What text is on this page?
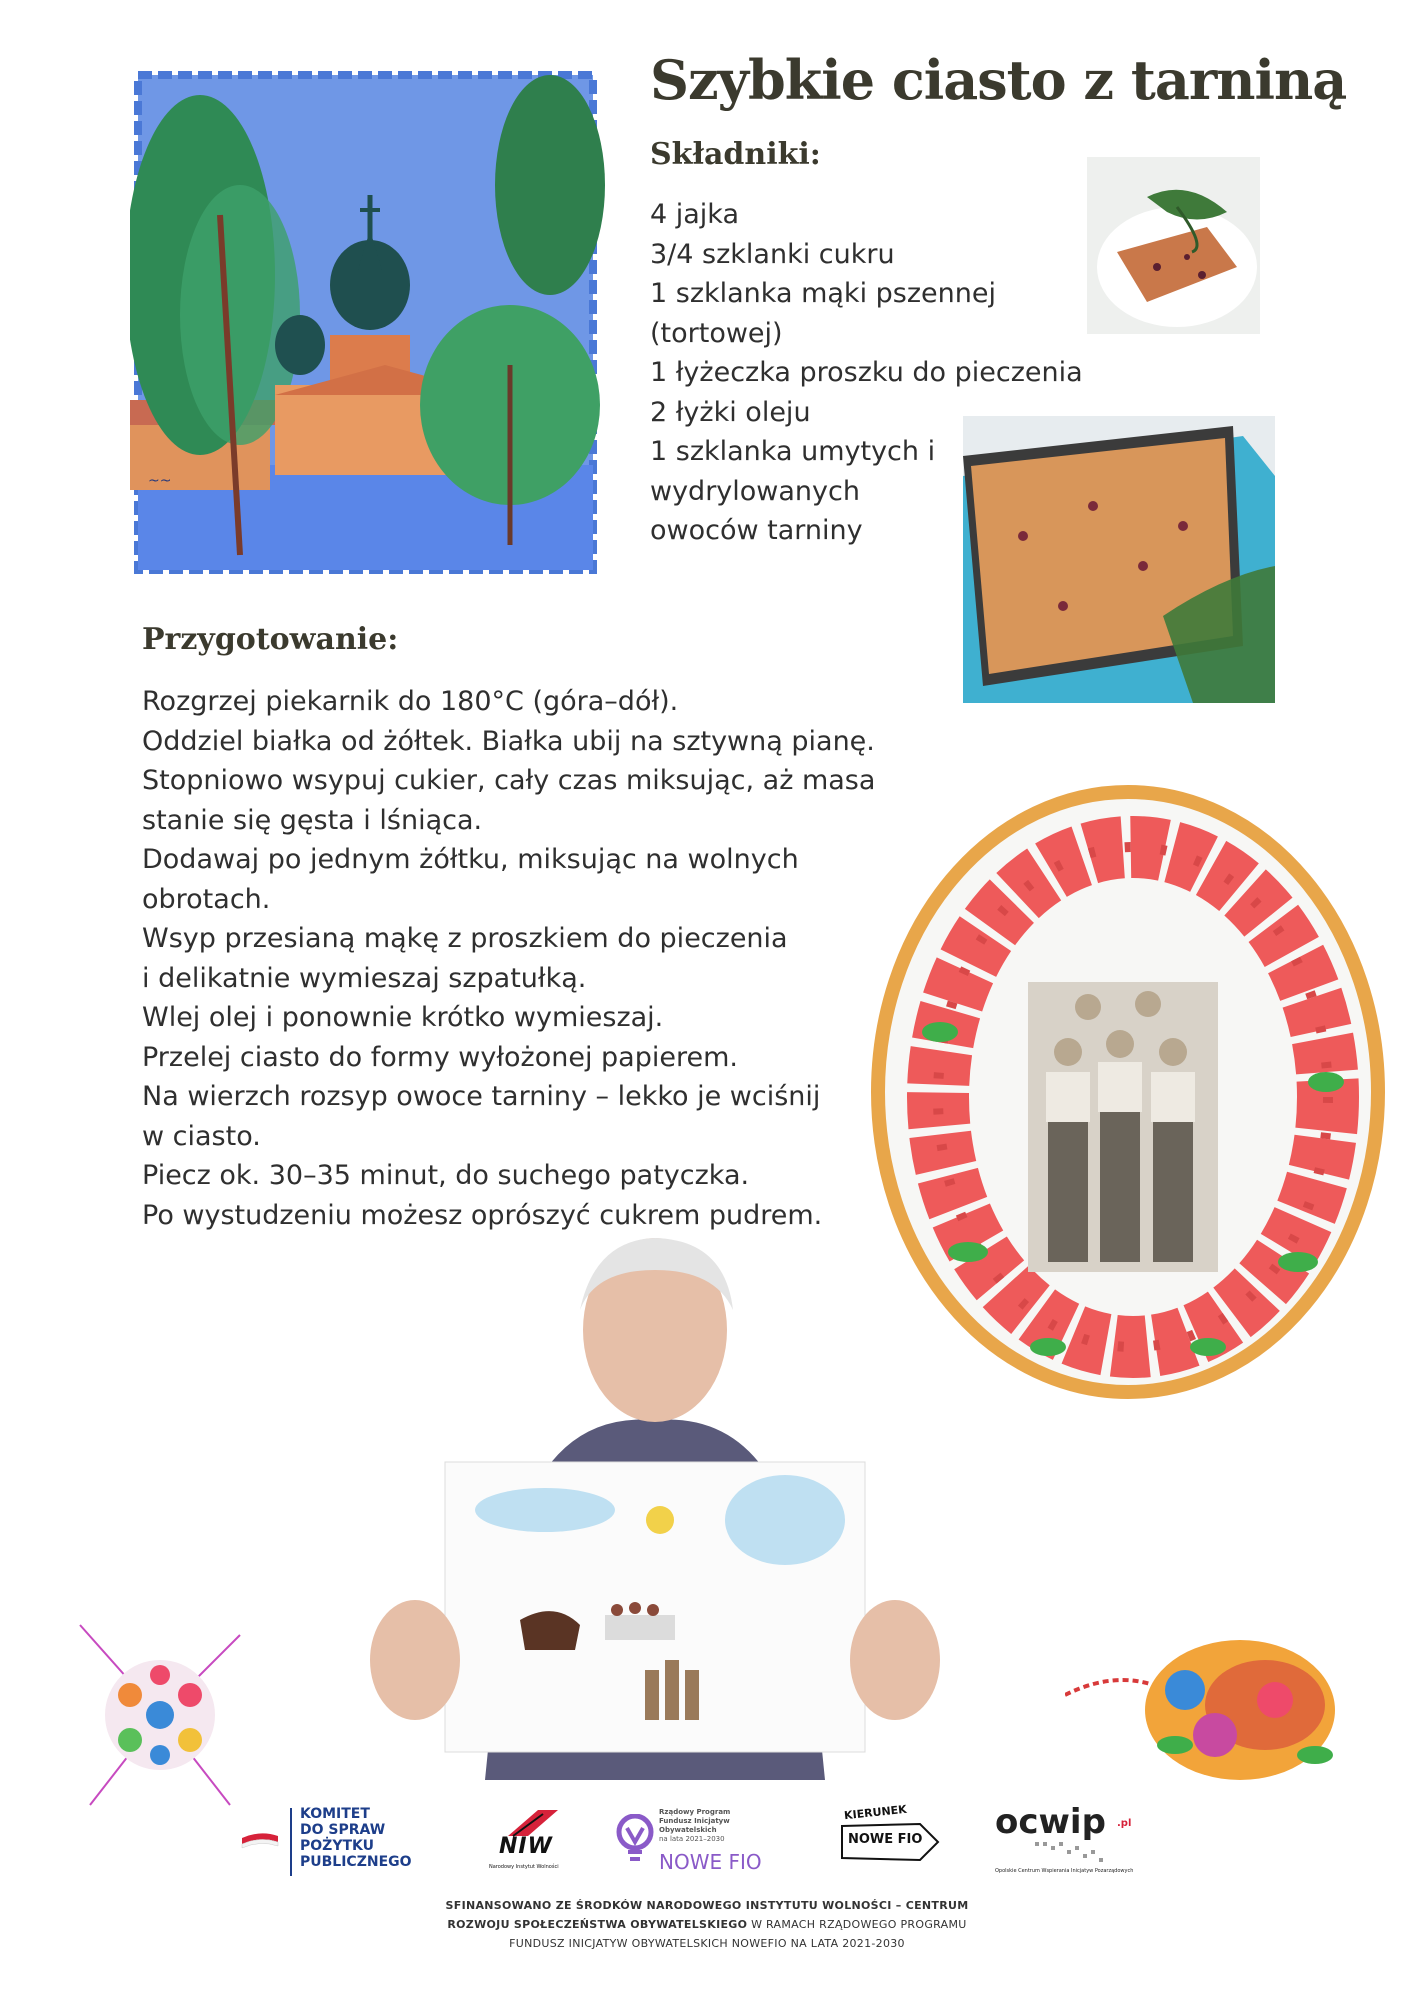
~~
Szybkie ciasto z tarniną
Składniki:
4 jajka
3/4 szklanki cukru
1 szklanka mąki pszennej
(tortowej)
1 łyżeczka proszku do pieczenia
2 łyżki oleju
1 szklanka umytych i
wydrylowanych
owoców tarniny
Przygotowanie:
Rozgrzej piekarnik do 180°C (góra–dół).
Oddziel białka od żółtek. Białka ubij na sztywną pianę.
Stopniowo wsypuj cukier, cały czas miksując, aż masa
stanie się gęsta i lśniąca.
Dodawaj po jednym żółtku, miksując na wolnych
obrotach.
Wsyp przesianą mąkę z proszkiem do pieczenia
i delikatnie wymieszaj szpatułką.
Wlej olej i ponownie krótko wymieszaj.
Przelej ciasto do formy wyłożonej papierem.
Na wierzch rozsyp owoce tarniny – lekko je wciśnij
w ciasto.
Piecz ok. 30–35 minut, do suchego patyczka.
Po wystudzeniu możesz oprószyć cukrem pudrem.
KOMITET
DO SPRAW
POŻYTKU
PUBLICZNEGO
NIW
Narodowy Instytut Wolności
Rządowy Program
Fundusz Inicjatyw
Obywatelskich
na lata 2021–2030
NOWE FIO
KIERUNEK
NOWE FIO ocwip .pl
Opolskie Centrum Wspierania Inicjatyw Pozarządowych
SFINANSOWANO ZE ŚRODKÓW NARODOWEGO INSTYTUTU WOLNOŚCI – CENTRUM
ROZWOJU SPOŁECZEŃSTWA OBYWATELSKIEGO W RAMACH RZĄDOWEGO PROGRAMU
FUNDUSZ INICJATYW OBYWATELSKICH NOWEFIO NA LATA 2021-2030
